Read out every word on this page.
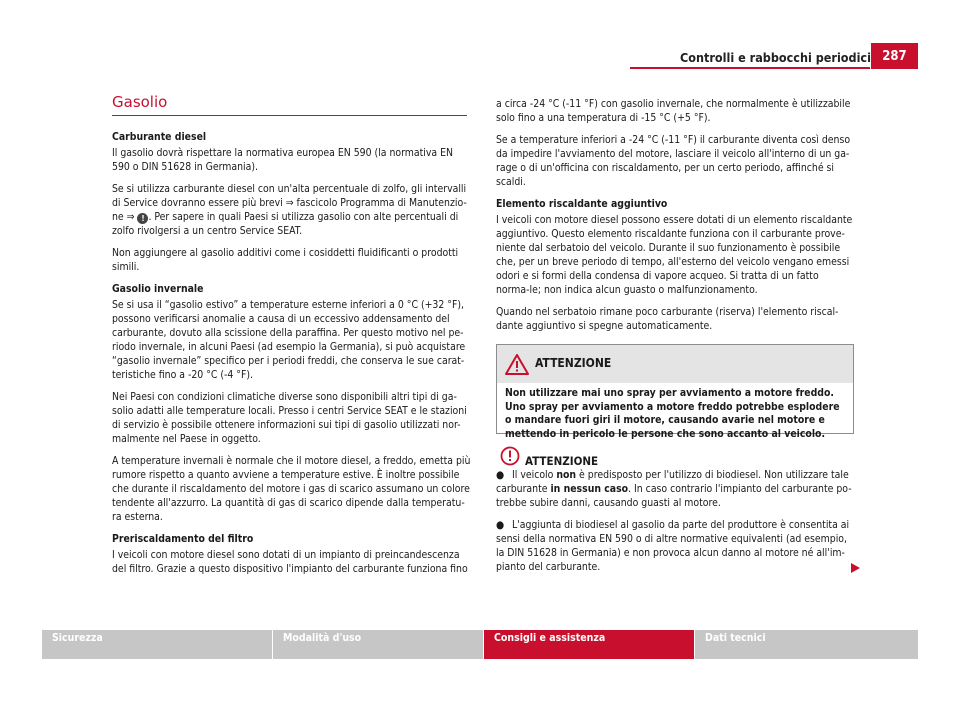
Controlli e rabbocchi periodici 287
Gasolio

Carburante diesel

Il gasolio dovrà rispettare la normativa europea EN 590 (la normativa EN 590 o DIN 51628 in Germania).

Se si utilizza carburante diesel con un'alta percentuale di zolfo, gli intervalli di Service dovranno essere più brevi ⇒ fascicolo Programma di Manutenzio-ne ⇒ ! . Per sapere in quali Paesi si utilizza gasolio con alte percentuali di zolfo rivolgersi a un centro Service SEAT.

Non aggiungere al gasolio additivi come i cosiddetti fluidificanti o prodotti simili.

Gasolio invernale

Se si usa il “gasolio estivo” a temperature esterne inferiori a 0 °C (+32 °F), possono verificarsi anomalie a causa di un eccessivo addensamento del carburante, dovuto alla scissione della paraffina. Per questo motivo nel pe-riodo invernale, in alcuni Paesi (ad esempio la Germania), si può acquistare “gasolio invernale” specifico per i periodi freddi, che conserva le sue carat-teristiche fino a -20 °C (-4 °F).

Nei Paesi con condizioni climatiche diverse sono disponibili altri tipi di ga-solio adatti alle temperature locali. Presso i centri Service SEAT e le stazioni di servizio è possibile ottenere informazioni sui tipi di gasolio utilizzati nor-malmente nel Paese in oggetto.

A temperature invernali è normale che il motore diesel, a freddo, emetta più rumore rispetto a quanto avviene a temperature estive. È inoltre possibile che durante il riscaldamento del motore i gas di scarico assumano un colore tendente all'azzurro. La quantità di gas di scarico dipende dalla temperatu-ra esterna.

Preriscaldamento del filtro

I veicoli con motore diesel sono dotati di un impianto di preincandescenza del filtro. Grazie a questo dispositivo l'impianto del carburante funziona fino

a circa -24 °C (-11 °F) con gasolio invernale, che normalmente è utilizzabile solo fino a una temperatura di -15 °C (+5 °F).

Se a temperature inferiori a -24 °C (-11 °F) il carburante diventa così denso da impedire l'avviamento del motore, lasciare il veicolo all'interno di un ga-rage o di un'officina con riscaldamento, per un certo periodo, affinché si scaldi.

Elemento riscaldante aggiuntivo

I veicoli con motore diesel possono essere dotati di un elemento riscaldante aggiuntivo. Questo elemento riscaldante funziona con il carburante prove-niente dal serbatoio del veicolo. Durante il suo funzionamento è possibile che, per un breve periodo di tempo, all'esterno del veicolo vengano emessi odori e si formi della condensa di vapore acqueo. Si tratta di un fatto norma-le; non indica alcun guasto o malfunzionamento.

Quando nel serbatoio rimane poco carburante (riserva) l'elemento riscal-dante aggiuntivo si spegne automaticamente.

ATTENZIONE
Non utilizzare mai uno spray per avviamento a motore freddo. Uno spray per avviamento a motore freddo potrebbe esplodere o mandare fuori giri il motore, causando avarie nel motore e mettendo in pericolo le persone che sono accanto al veicolo.
ATTENZIONE

● Il veicolo non è predisposto per l'utilizzo di biodiesel. Non utilizzare tale carburante in nessun caso. In caso contrario l'impianto del carburante po-trebbe subire danni, causando guasti al motore.

● L'aggiunta di biodiesel al gasolio da parte del produttore è consentita ai sensi della normativa EN 590 o di altre normative equivalenti (ad esempio, la DIN 51628 in Germania) e non provoca alcun danno al motore né all'im-pianto del carburante.

Sicurezza	Modalità d'uso	Consigli e assistenza	Dati tecnici
